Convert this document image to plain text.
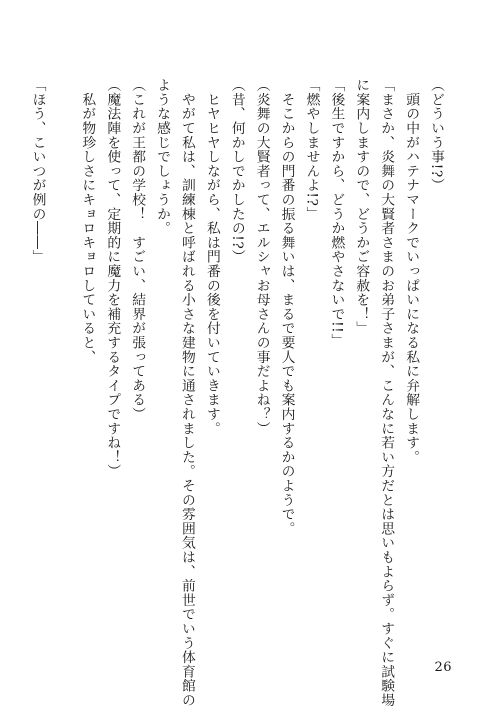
（どういう事!?）
　頭の中がハテナマークでいっぱいになる私に弁解します。
「まさか、炎舞の大賢者さまのお弟子さまが、こんなに若い方だとは思いもよらず。すぐに試験場
に案内しますので、どうかご容赦を！」
「後生ですから、どうか燃やさないで!!」
「燃やしませんよ!?」
　そこからの門番の振る舞いは、まるで要人でも案内するかのようで。
（炎舞の大賢者って、エルシャお母さんの事だよね？）
（昔、何かしでかしたの!?）
　ヒヤヒヤしながら、私は門番の後を付いていきます。
　やがて私は、訓練棟と呼ばれる小さな建物に通されました。その雰囲気は、前世でいう体育館の
ような感じでしょうか。
（これが王都の学校！　すごい、結界が張ってある）
（魔法陣を使って、定期的に魔力を補充するタイプですね！）
　私が物珍しさにキョロキョロしていると、

「ほう、こいつが例の――」
26
